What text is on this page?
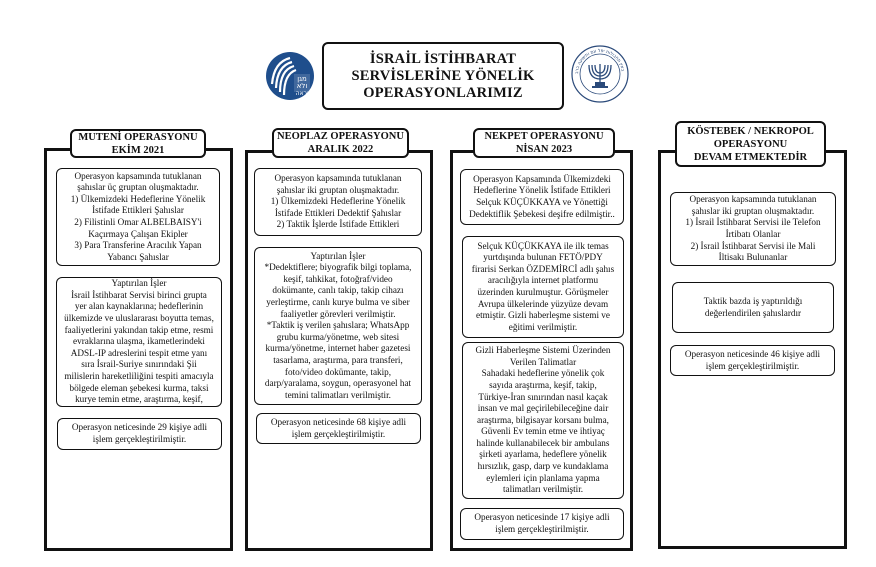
מגן
ולא
יראה
İSRAİL İSTİHBARAT
SERVİSLERİNE YÖNELİK
OPERASYONLARIMIZ
באין תחבולות יפל עם ותשועה ברב
MUTENİ OPERASYONU
EKİM 2021
Operasyon kapsamında tutuklanan
şahıslar üç gruptan oluşmaktadır.
1) Ülkemizdeki Hedeflerine Yönelik
İstifade Ettikleri Şahıslar
2) Filistinli Omar ALBELBAISY'i
Kaçırmaya Çalışan Ekipler
3) Para Transferine Aracılık Yapan
Yabancı Şahıslar
Yaptırılan İşler
İsrail İstihbarat Servisi birinci grupta
yer alan kaynaklarına; hedeflerinin
ülkemizde ve uluslararası boyutta temas,
faaliyetlerini yakından takip etme, resmi
evraklarına ulaşma, ikametlerindeki
ADSL-IP adreslerini tespit etme yanı
sıra İsrail-Suriye sınırındaki Şii
milislerin hareketliliğini tespiti amacıyla
bölgede eleman şebekesi kurma, taksi
kurye temin etme, araştırma, keşif,
Operasyon neticesinde 29 kişiye adli
işlem gerçekleştirilmiştir.
NEOPLAZ OPERASYONU
ARALIK 2022
Operasyon kapsamında tutuklanan
şahıslar iki gruptan oluşmaktadır.
1) Ülkemizdeki Hedeflerine Yönelik
İstifade Ettikleri Dedektif Şahıslar
2) Taktik İşlerde İstifade Ettikleri
Yaptırılan İşler
*Dedektiflere; biyografik bilgi toplama,
keşif, tahkikat, fotoğraf/video
dokümante, canlı takip, takip cihazı
yerleştirme, canlı kurye bulma ve siber
faaliyetler görevleri verilmiştir.
*Taktik iş verilen şahıslara; WhatsApp
grubu kurma/yönetme, web sitesi
kurma/yönetme, internet haber gazetesi
tasarlama, araştırma, para transferi,
foto/video dokümante, takip,
darp/yaralama, soygun, operasyonel hat
temini talimatları verilmiştir.
Operasyon neticesinde 68 kişiye adli
işlem gerçekleştirilmiştir.
NEKPET OPERASYONU
NİSAN 2023
Operasyon Kapsamında Ülkemizdeki
Hedeflerine Yönelik İstifade Ettikleri
Selçuk KÜÇÜKKAYA ve Yönettiği
Dedektiflik Şebekesi deşifre edilmiştir..
Selçuk KÜÇÜKKAYA ile ilk temas
yurtdışında bulunan FETÖ/PDY
firarisi Serkan ÖZDEMİRCİ adlı şahıs
aracılığıyla internet platformu
üzerinden kurulmuştur. Görüşmeler
Avrupa ülkelerinde yüzyüze devam
etmiştir. Gizli haberleşme sistemi ve
eğitimi verilmiştir.
Gizli Haberleşme Sistemi Üzerinden
Verilen Talimatlar
Sahadaki hedeflerine yönelik çok
sayıda araştırma, keşif, takip,
Türkiye-İran sınırından nasıl kaçak
insan ve mal geçirilebileceğine dair
araştırma, bilgisayar korsanı bulma,
Güvenli Ev temin etme ve ihtiyaç
halinde kullanabilecek bir ambulans
şirketi ayarlama, hedeflere yönelik
hırsızlık, gasp, darp ve kundaklama
eylemleri için planlama yapma
talimatları verilmiştir.
Operasyon neticesinde 17 kişiye adli
işlem gerçekleştirilmiştir.
KÖSTEBEK / NEKROPOL
OPERASYONU
DEVAM ETMEKTEDİR
Operasyon kapsamında tutuklanan
şahıslar iki gruptan oluşmaktadır.
1) İsrail İstihbarat Servisi ile Telefon
İrtibatı Olanlar
2) İsrail İstihbarat Servisi ile Mali
İltisakı Bulunanlar
Taktik bazda iş yaptırıldığı
değerlendirilen şahıslardır
Operasyon neticesinde 46 kişiye adli
işlem gerçekleştirilmiştir.
